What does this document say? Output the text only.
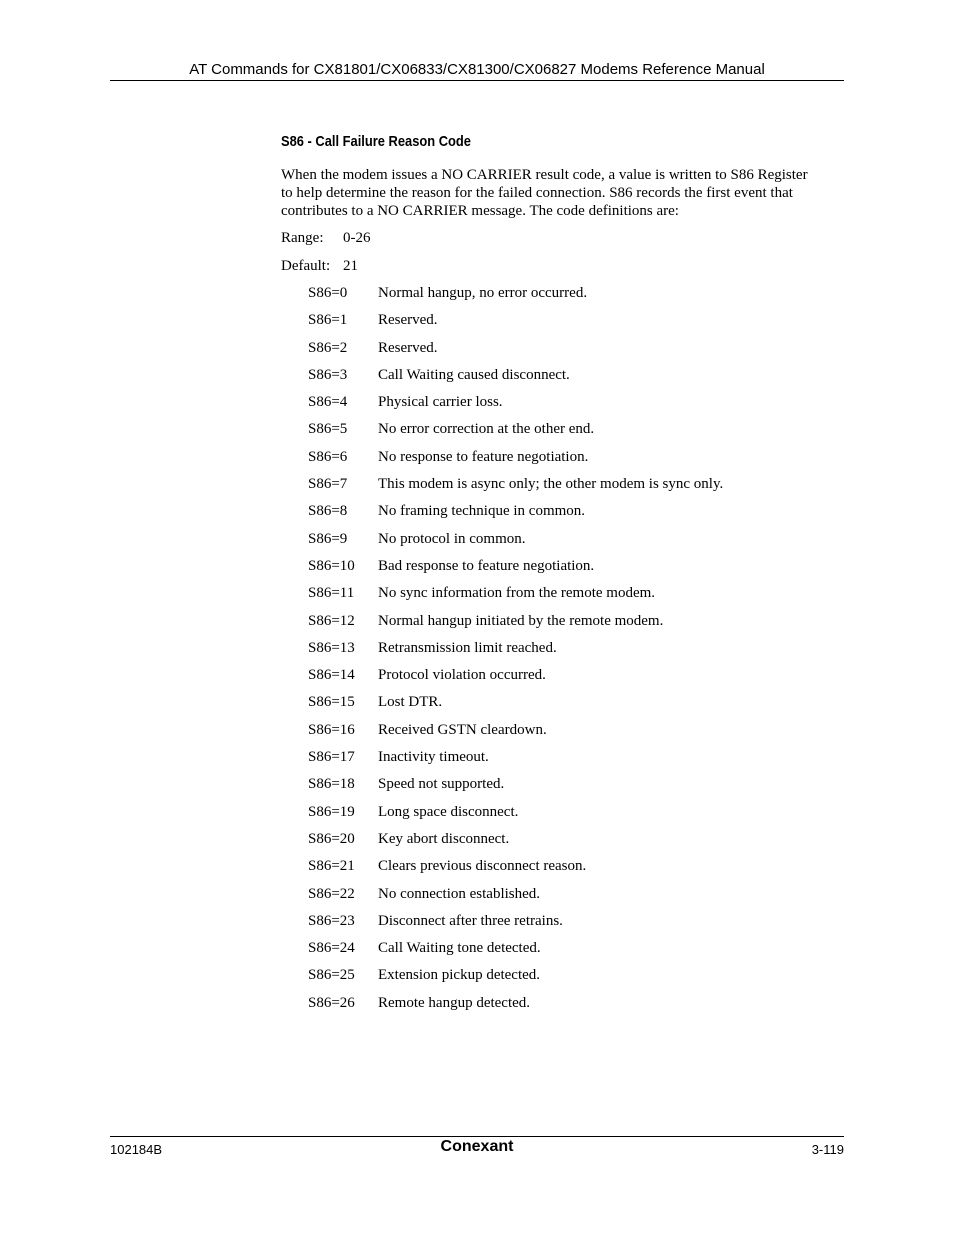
AT Commands for CX81801/CX06833/CX81300/CX06827 Modems Reference Manual
S86 - Call Failure Reason Code
When the modem issues a NO CARRIER result code, a value is written to S86 Register
to help determine the reason for the failed connection. S86 records the first event that
contributes to a NO CARRIER message. The code definitions are:
Range: 0-26
Default: 21
S86=0 Normal hangup, no error occurred.
S86=1 Reserved.
S86=2 Reserved.
S86=3 Call Waiting caused disconnect.
S86=4 Physical carrier loss.
S86=5 No error correction at the other end.
S86=6 No response to feature negotiation.
S86=7 This modem is async only; the other modem is sync only.
S86=8 No framing technique in common.
S86=9 No protocol in common.
S86=10 Bad response to feature negotiation.
S86=11 No sync information from the remote modem.
S86=12 Normal hangup initiated by the remote modem.
S86=13 Retransmission limit reached.
S86=14 Protocol violation occurred.
S86=15 Lost DTR.
S86=16 Received GSTN cleardown.
S86=17 Inactivity timeout.
S86=18 Speed not supported.
S86=19 Long space disconnect.
S86=20 Key abort disconnect.
S86=21 Clears previous disconnect reason.
S86=22 No connection established.
S86=23 Disconnect after three retrains.
S86=24 Call Waiting tone detected.
S86=25 Extension pickup detected.
S86=26 Remote hangup detected.
102184B	Conexant	3-119
